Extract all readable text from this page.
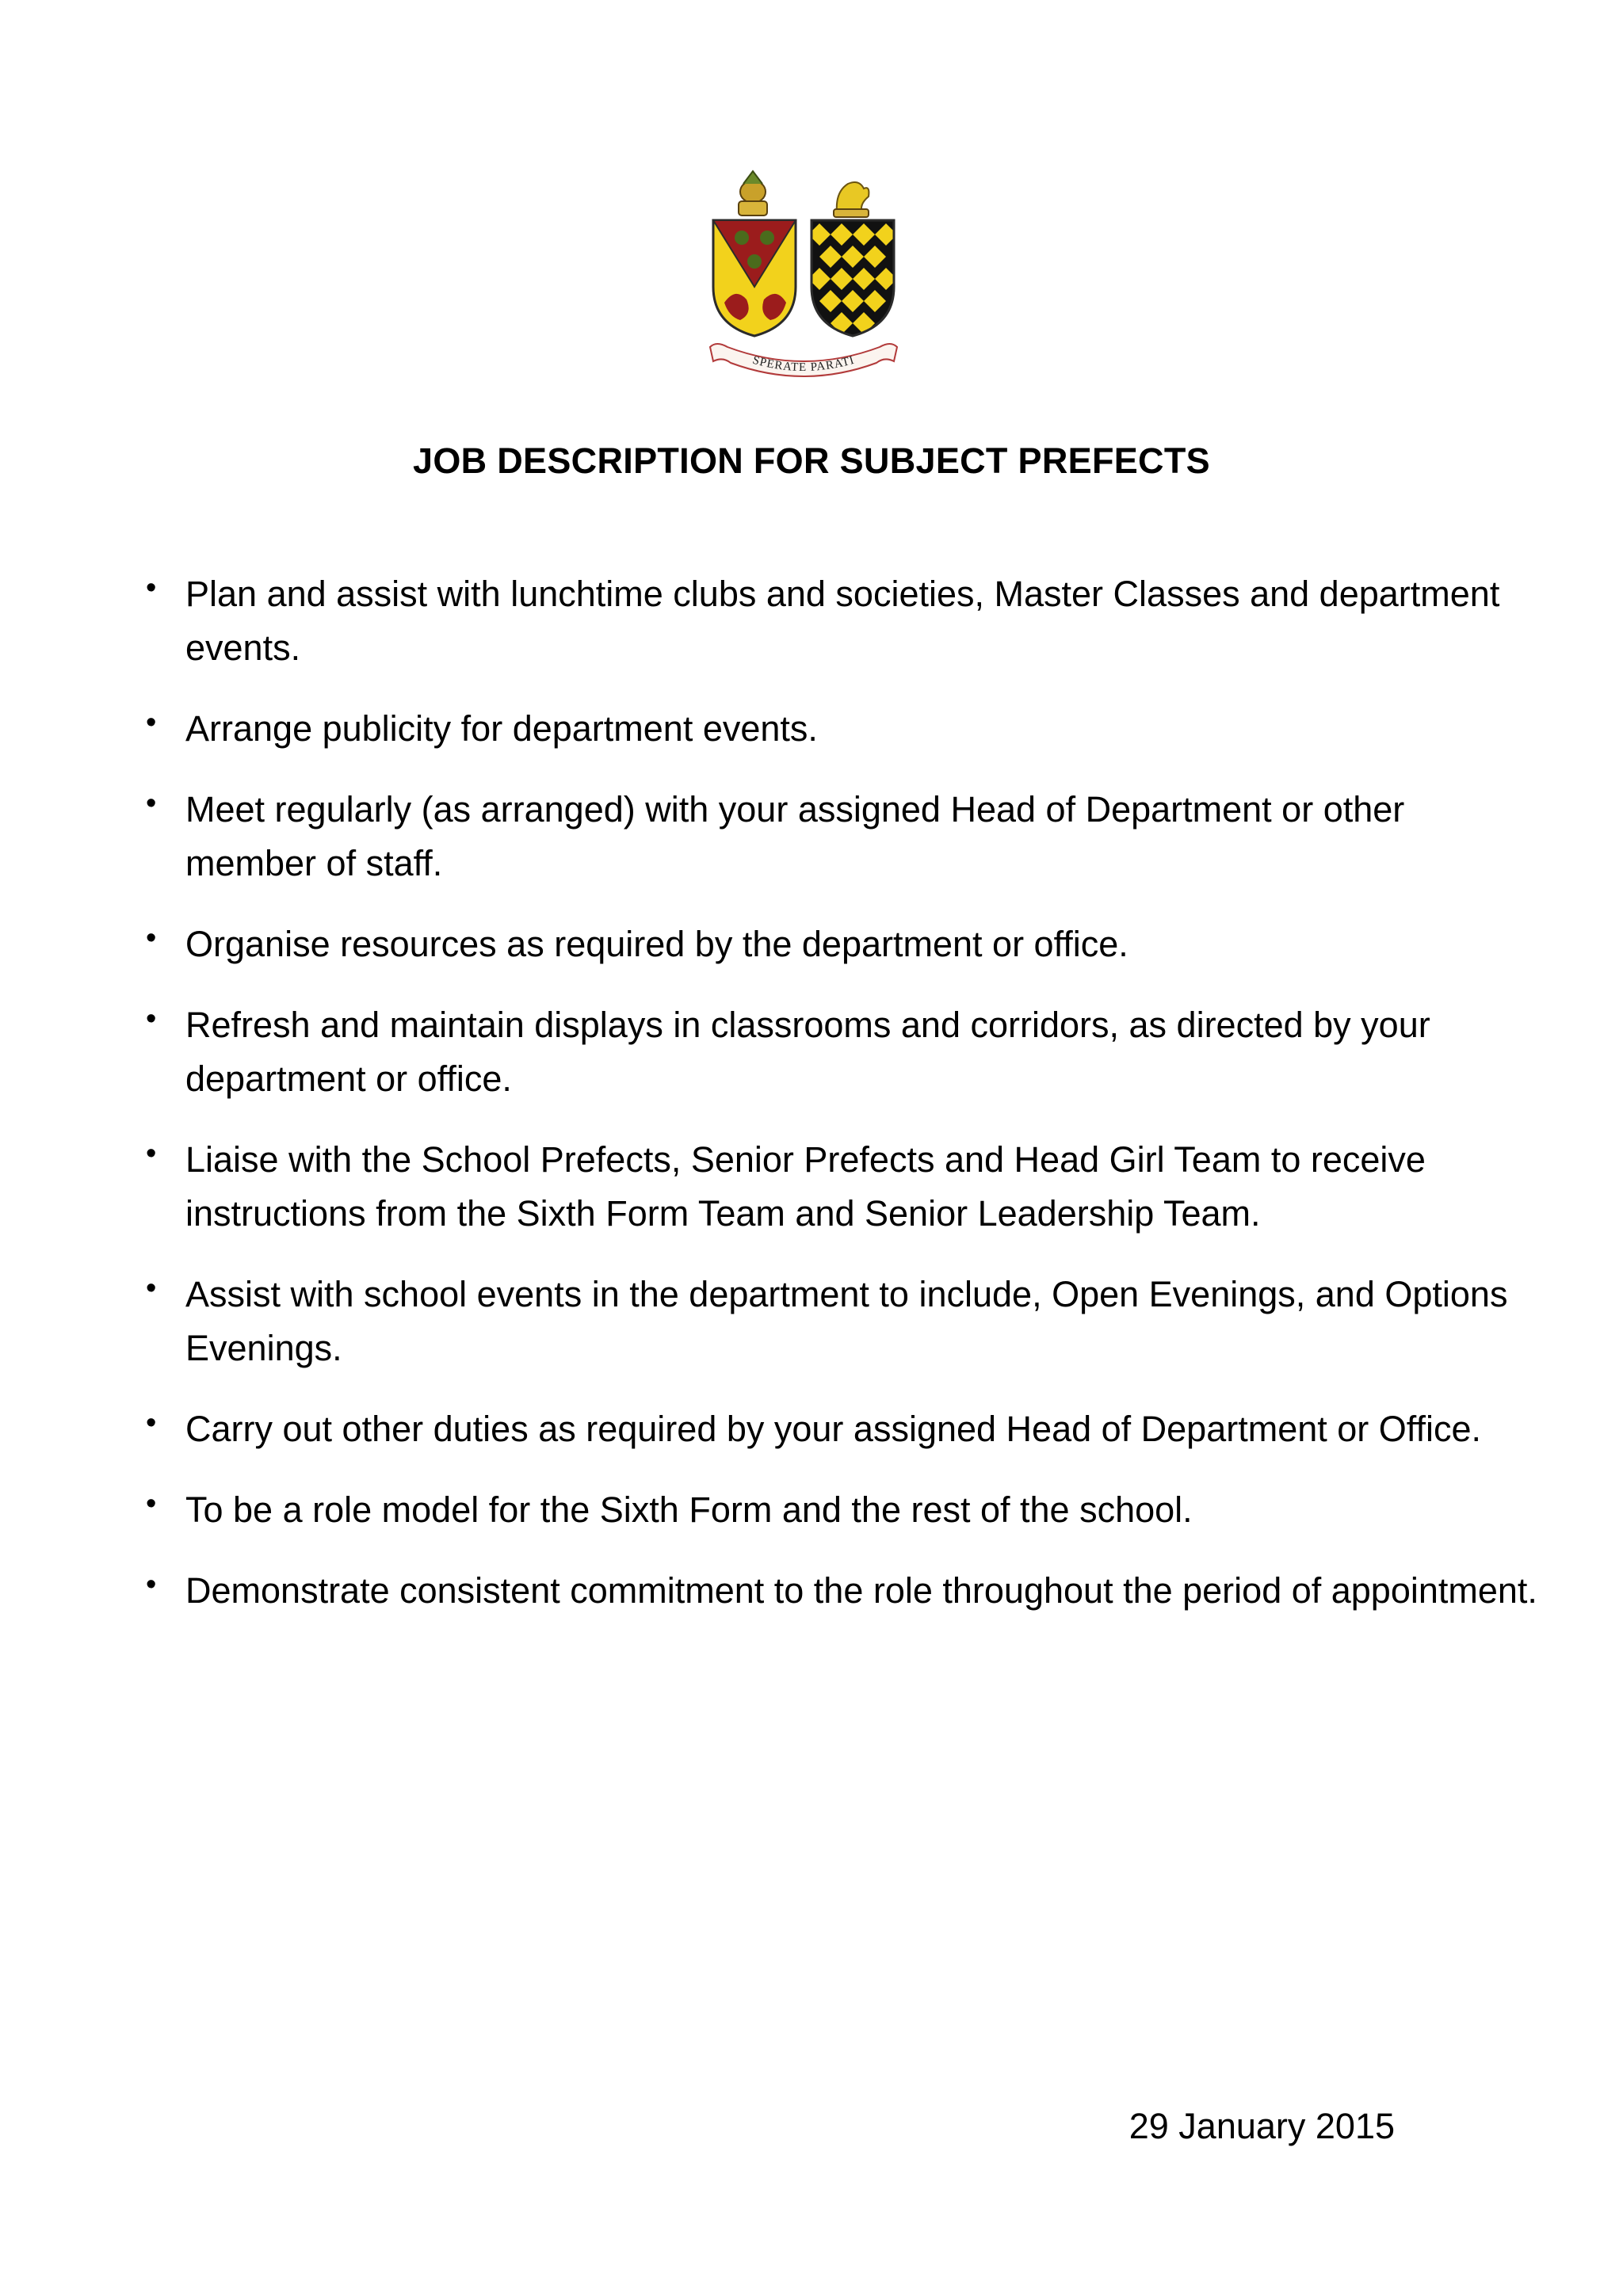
SPERATE PARATI
JOB DESCRIPTION FOR SUBJECT PREFECTS
• Plan and assist with lunchtime clubs and societies, Master Classes and department events.
• Arrange publicity for department events.
• Meet regularly (as arranged) with your assigned Head of Department or other member of staff.
• Organise resources as required by the department or office.
• Refresh and maintain displays in classrooms and corridors, as directed by your department or office.
• Liaise with the School Prefects, Senior Prefects and Head Girl Team to receive instructions from the Sixth Form Team and Senior Leadership Team.
• Assist with school events in the department to include, Open Evenings, and Options Evenings.
• Carry out other duties as required by your assigned Head of Department or Office.
• To be a role model for the Sixth Form and the rest of the school.
• Demonstrate consistent commitment to the role throughout the period of appointment.

29 January 2015
